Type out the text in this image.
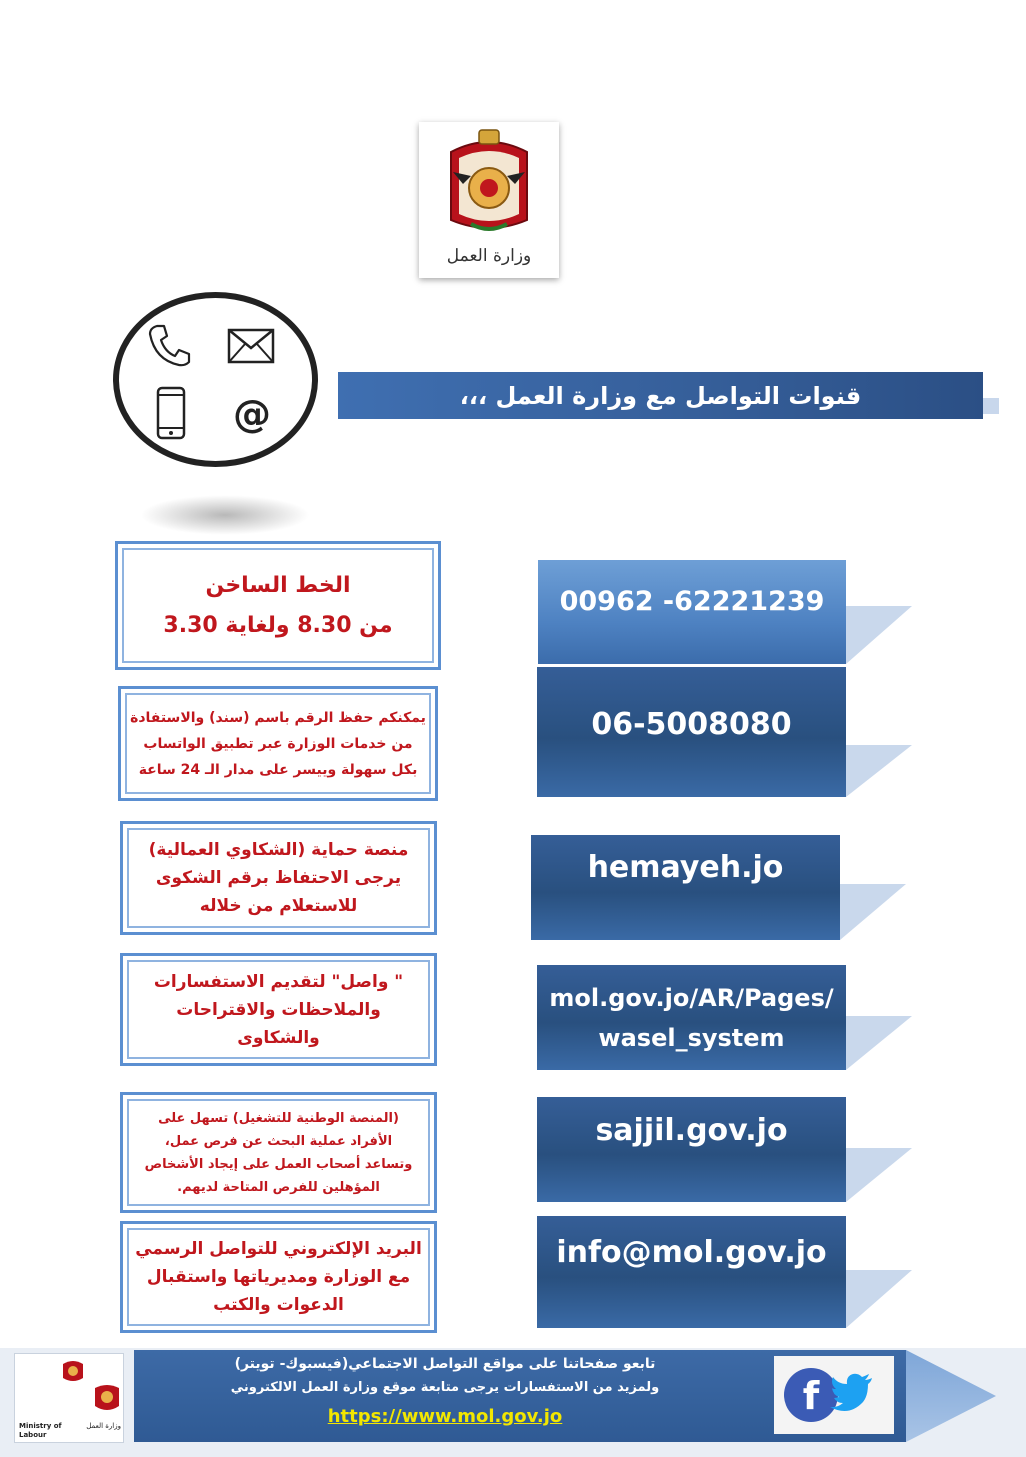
وزارة العمل
@	قنوات التواصل مع وزارة العمل ،،،
الخط الساخن
من 8.30 ولغاية 3.30
00962 -62221239
يمكنكم حفظ الرقم باسم (سند) والاستفادة
من خدمات الوزارة عبر تطبيق الواتساب
بكل سهولة وييسر على مدار الـ 24 ساعة
06-5008080
منصة حماية (الشكاوي العمالية)
يرجى الاحتفاظ برقم الشكوى
للاستعلام من خلاله
hemayeh.jo
" واصل" لتقديم الاستفسارات
والملاحظات والاقتراحات
والشكاوى
mol.gov.jo/AR/Pages/
wasel_system
(المنصة الوطنية للتشغيل) تسهل على
الأفراد عملية البحث عن فرص عمل،
وتساعد أصحاب العمل على إيجاد الأشخاص
المؤهلين للفرص المتاحة لديهم.
sajjil.gov.jo
البريد الإلكتروني للتواصل الرسمي
مع الوزارة ومديرياتها واستقبال
الدعوات والكتب
info@mol.gov.jo
Ministry of Labour
وزارة العمل
تابعو صفحاتنا على مواقع التواصل الاجتماعي(فيسبوك- تويتر)
ولمزيد من الاستفسارات يرجى متابعة موقع وزارة العمل الالكتروني
https://www.mol.gov.jo	f
